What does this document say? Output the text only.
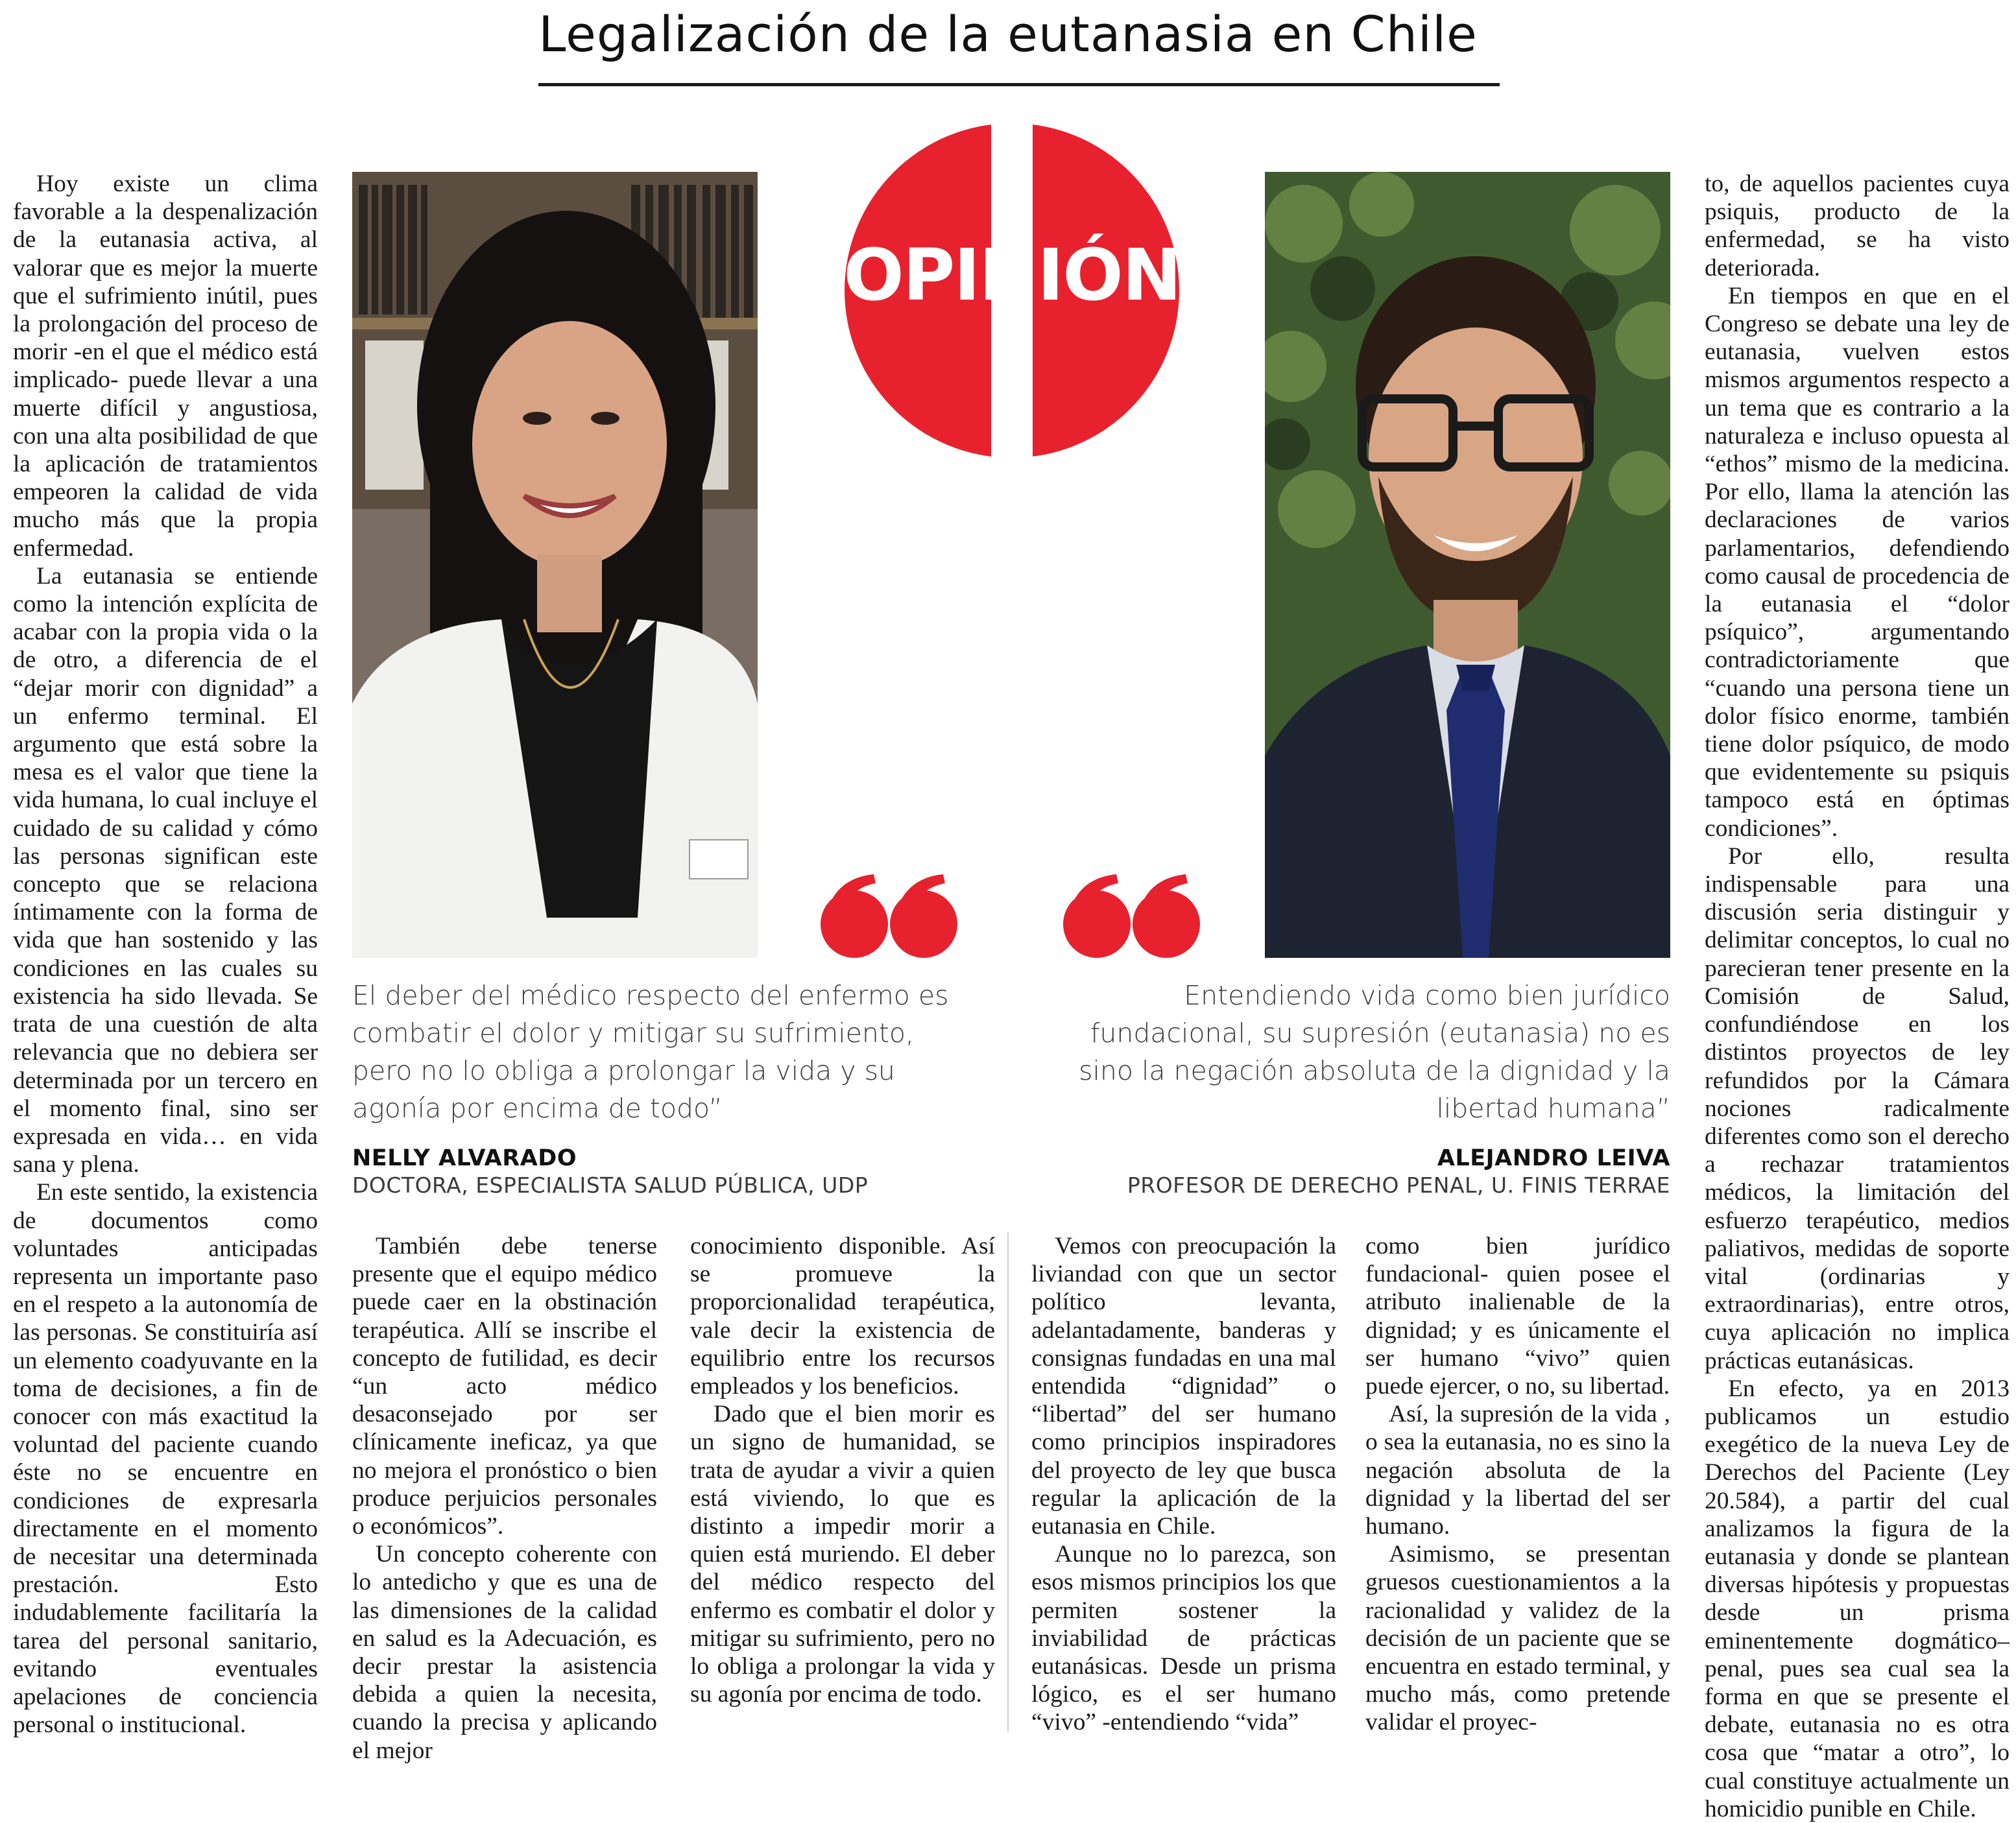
Legalización de la eutanasia en Chile

Hoy existe un clima favorable a la despenalización de la eutanasia activa, al valorar que es mejor la muerte que el sufrimiento inútil, pues la prolongación del proceso de morir -en el que el médico está implicado- puede llevar a una muerte difícil y angustiosa, con una alta posibilidad de que la aplicación de tratamientos empeoren la calidad de vida mucho más que la propia enfermedad.

La eutanasia se entiende como la intención explícita de acabar con la propia vida o la de otro, a diferencia de el “dejar morir con dignidad” a un enfermo terminal. El argumento que está sobre la mesa es el valor que tiene la vida humana, lo cual incluye el cuidado de su calidad y cómo las personas significan este concepto que se relaciona íntimamente con la forma de vida que han sostenido y las condiciones en las cuales su existencia ha sido llevada. Se trata de una cuestión de alta relevancia que no debiera ser determinada por un tercero en el momento final, sino ser expresada en vida… en vida sana y plena.

En este sentido, la existencia de documentos como voluntades anticipadas representa un importante paso en el respeto a la autonomía de las personas. Se constituiría así un elemento coadyuvante en la toma de decisiones, a fin de conocer con más exactitud la voluntad del paciente cuando éste no se encuentre en condiciones de expresarla directamente en el momento de necesitar una determinada prestación. Esto indudablemente facilitaría la tarea del personal sanitario, evitando eventuales apelaciones de conciencia personal o institucional.

OPINIÓN
El deber del médico respecto del enfermo es combatir el dolor y mitigar su sufrimiento, pero no lo obliga a prolongar la vida y su agonía por encima de todo”
Entendiendo vida como bien jurídico fundacional, su supresión (eutanasia) no es sino la negación absoluta de la dignidad y la libertad humana”
NELLY ALVARADO
DOCTORA, ESPECIALISTA SALUD PÚBLICA, UDP
ALEJANDRO LEIVA
PROFESOR DE DERECHO PENAL, U. FINIS TERRAE

También debe tenerse presente que el equipo médico puede caer en la obstinación terapéutica. Allí se inscribe el concepto de futilidad, es decir “un acto médico desaconsejado por ser clínicamente ineficaz, ya que no mejora el pronóstico o bien produce perjuicios personales o económicos”.

Un concepto coherente con lo antedicho y que es una de las dimensiones de la calidad en salud es la Adecuación, es decir prestar la asistencia debida a quien la necesita, cuando la precisa y aplicando el mejor

conocimiento disponible. Así se promueve la proporcionalidad terapéutica, vale decir la existencia de equilibrio entre los recursos empleados y los beneficios.

Dado que el bien morir es un signo de humanidad, se trata de ayudar a vivir a quien está viviendo, lo que es distinto a impedir morir a quien está muriendo. El deber del médico respecto del enfermo es combatir el dolor y mitigar su sufrimiento, pero no lo obliga a prolongar la vida y su agonía por encima de todo.

Vemos con preocupación la liviandad con que un sector político levanta, adelantadamente, banderas y consignas fundadas en una mal entendida “dignidad” o “libertad” del ser humano como principios inspiradores del proyecto de ley que busca regular la aplicación de la eutanasia en Chile.

Aunque no lo parezca, son esos mismos principios los que permiten sostener la inviabilidad de prácticas eutanásicas. Desde un prisma lógico, es el ser humano “vivo” -entendiendo “vida”

como bien jurídico fundacional- quien posee el atributo inalienable de la dignidad; y es únicamente el ser humano “vivo” quien puede ejercer, o no, su libertad.

Así, la supresión de la vida , o sea la eutanasia, no es sino la negación absoluta de la dignidad y la libertad del ser humano.

Asimismo, se presentan gruesos cuestionamientos a la racionalidad y validez de la decisión de un paciente que se encuentra en estado terminal, y mucho más, como pretende validar el proyec-

to, de aquellos pacientes cuya psiquis, producto de la enfermedad, se ha visto deteriorada.

En tiempos en que en el Congreso se debate una ley de eutanasia, vuelven estos mismos argumentos respecto a un tema que es contrario a la naturaleza e incluso opuesta al “ethos” mismo de la medicina. Por ello, llama la atención las declaraciones de varios parlamentarios, defendiendo como causal de procedencia de la eutanasia el “dolor psíquico”, argumentando contradictoriamente que “cuando una persona tiene un dolor físico enorme, también tiene dolor psíquico, de modo que evidentemente su psiquis tampoco está en óptimas condiciones”.

Por ello, resulta indispensable para una discusión seria distinguir y delimitar conceptos, lo cual no parecieran tener presente en la Comisión de Salud, confundiéndose en los distintos proyectos de ley refundidos por la Cámara nociones radicalmente diferentes como son el derecho a rechazar tratamientos médicos, la limitación del esfuerzo terapéutico, medios paliativos, medidas de soporte vital (ordinarias y extraordinarias), entre otros, cuya aplicación no implica prácticas eutanásicas.

En efecto, ya en 2013 publicamos un estudio exegético de la nueva Ley de Derechos del Paciente (Ley 20.584), a partir del cual analizamos la figura de la eutanasia y donde se plantean diversas hipótesis y propuestas desde un prisma eminentemente dogmático–penal, pues sea cual sea la forma en que se presente el debate, eutanasia no es otra cosa que “matar a otro”, lo cual constituye actualmente un homicidio punible en Chile.
